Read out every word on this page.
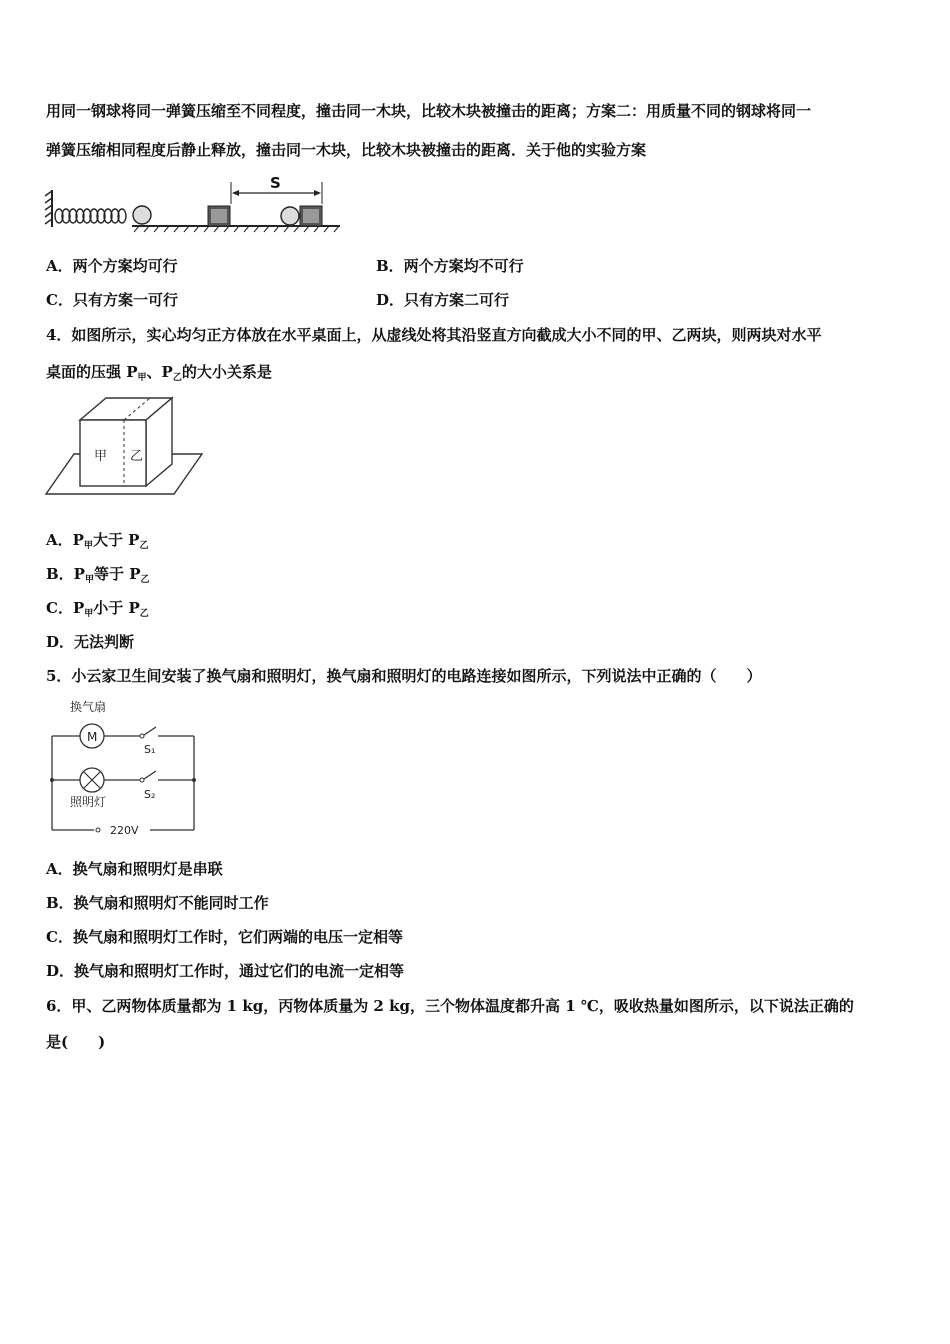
用同一钢球将同一弹簧压缩至不同程度，撞击同一木块，比较木块被撞击的距离；方案二：用质量不同的钢球将同一
弹簧压缩相同程度后静止释放，撞击同一木块，比较木块被撞击的距离．关于他的实验方案
S
A．两个方案均可行	B．两个方案均不可行
C．只有方案一可行	D．只有方案二可行
4．如图所示，实心均匀正方体放在水平桌面上，从虚线处将其沿竖直方向截成大小不同的甲、乙两块，则两块对水平
桌面的压强 $P_甲$、$P_乙$的大小关系是
甲 乙
A．$P_甲$大于 $P_乙$
B．$P_甲$等于 $P_乙$
C．$P_甲$小于 $P_乙$
D．无法判断
5．小云家卫生间安装了换气扇和照明灯，换气扇和照明灯的电路连接如图所示，下列说法中正确的（　　）
换气扇
M
S₁
S₂
照明灯
220V
A．换气扇和照明灯是串联
B．换气扇和照明灯不能同时工作
C．换气扇和照明灯工作时，它们两端的电压一定相等
D．换气扇和照明灯工作时，通过它们的电流一定相等
6．甲、乙两物体质量都为 1 kg，丙物体质量为 2 kg，三个物体温度都升高 1 ℃，吸收热量如图所示，以下说法正确的
是(　　)
